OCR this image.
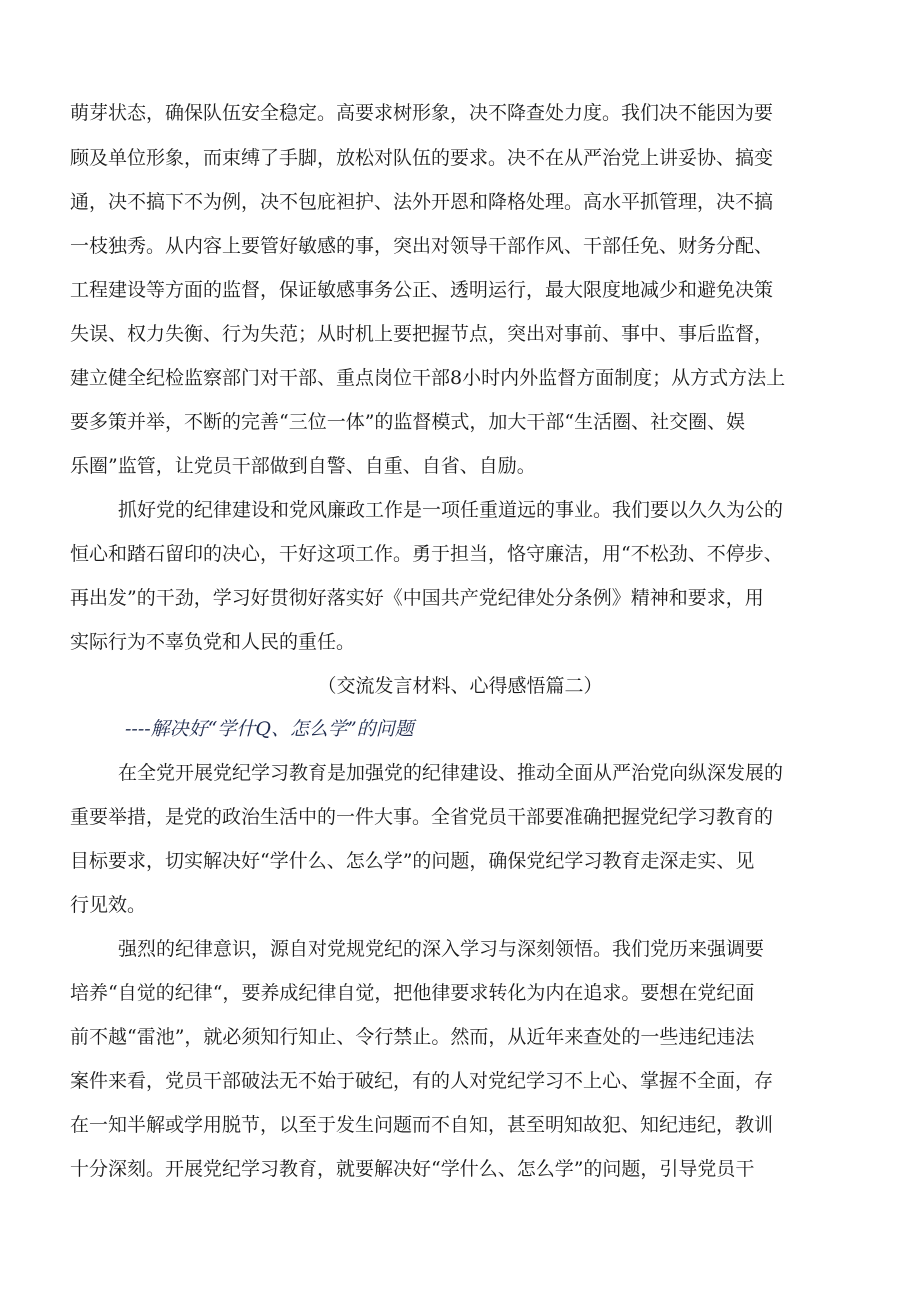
萌芽状态，确保队伍安全稳定。高要求树形象，决不降查处力度。我们决不能因为要

顾及单位形象，而束缚了手脚，放松对队伍的要求。决不在从严治党上讲妥协、搞变

通，决不搞下不为例，决不包庇袒护、法外开恩和降格处理。高水平抓管理，决不搞

一枝独秀。从内容上要管好敏感的事，突出对领导干部作风、干部任免、财务分配、

工程建设等方面的监督，保证敏感事务公正、透明运行，最大限度地减少和避免决策

失误、权力失衡、行为失范；从时机上要把握节点，突出对事前、事中、事后监督，

建立健全纪检监察部门对干部、重点岗位干部8小时内外监督方面制度；从方式方法上

要多策并举，不断的完善“三位一体”的监督模式，加大干部“生活圈、社交圈、娱

乐圈”监管，让党员干部做到自警、自重、自省、自励。

抓好党的纪律建设和党风廉政工作是一项任重道远的事业。我们要以久久为公的

恒心和踏石留印的决心，干好这项工作。勇于担当，恪守廉洁，用“不松劲、不停步、

再出发”的干劲，学习好贯彻好落实好《中国共产党纪律处分条例》精神和要求，用

实际行为不辜负党和人民的重任。

（交流发言材料、心得感悟篇二）

----解决好“学什Q、怎么学”的问题

在全党开展党纪学习教育是加强党的纪律建设、推动全面从严治党向纵深发展的

重要举措，是党的政治生活中的一件大事。全省党员干部要准确把握党纪学习教育的

目标要求，切实解决好“学什么、怎么学”的问题，确保党纪学习教育走深走实、见

行见效。

强烈的纪律意识，源自对党规党纪的深入学习与深刻领悟。我们党历来强调要

培养“自觉的纪律“，要养成纪律自觉，把他律要求转化为内在追求。要想在党纪面

前不越“雷池”，就必须知行知止、令行禁止。然而，从近年来查处的一些违纪违法

案件来看，党员干部破法无不始于破纪，有的人对党纪学习不上心、掌握不全面，存

在一知半解或学用脱节，以至于发生问题而不自知，甚至明知故犯、知纪违纪，教训

十分深刻。开展党纪学习教育，就要解决好“学什么、怎么学”的问题，引导党员干
